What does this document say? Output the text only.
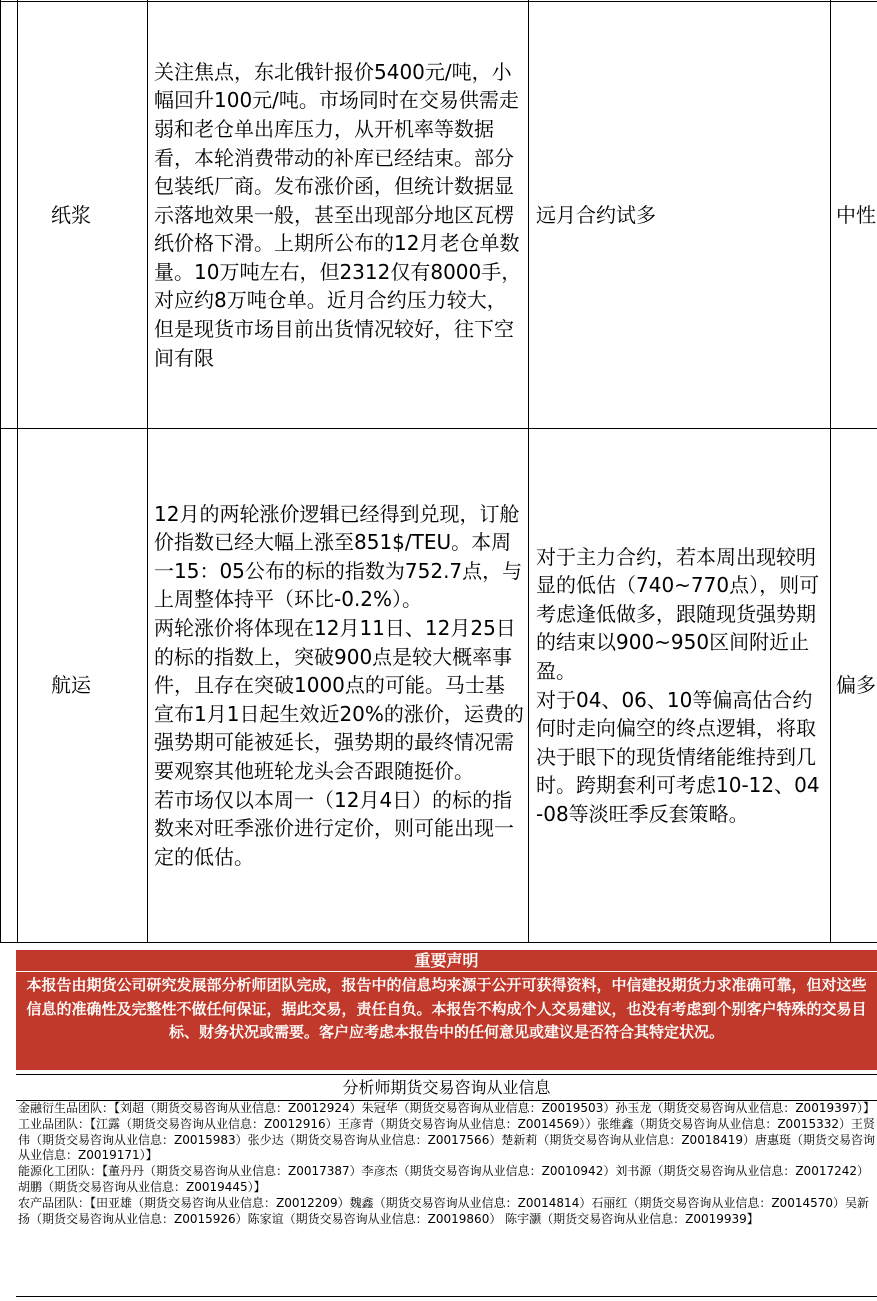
	纸浆	关注焦点，东北俄针报价5400元/吨，小幅回升100元/吨。市场同时在交易供需走弱和老仓单出库压力，从开机率等数据看，本轮消费带动的补库已经结束。部分包装纸厂商。发布涨价函，但统计数据显示落地效果一般，甚至出现部分地区瓦楞纸价格下滑。上期所公布的12月老仓单数量。10万吨左右，但2312仅有8000手，对应约8万吨仓单。近月合约压力较大，但是现货市场目前出货情况较好，往下空间有限	远月合约试多	中性
	航运	12月的两轮涨价逻辑已经得到兑现，订舱价指数已经大幅上涨至851$/TEU。本周一15：05公布的标的指数为752.7点，与上周整体持平（环比-0.2%）。
两轮涨价将体现在12月11日、12月25日的标的指数上，突破900点是较大概率事件，且存在突破1000点的可能。马士基宣布1月1日起生效近20%的涨价，运费的强势期可能被延长，强势期的最终情况需要观察其他班轮龙头会否跟随挺价。
若市场仅以本周一（12月4日）的标的指数来对旺季涨价进行定价，则可能出现一定的低估。	对于主力合约，若本周出现较明显的低估（740~770点），则可考虑逢低做多，跟随现货强势期的结束以900~950区间附近止盈。
对于04、06、10等偏高估合约何时走向偏空的终点逻辑，将取决于眼下的现货情绪能维持到几时。跨期套利可考虑10-12、04-08等淡旺季反套策略。	偏多
重要声明
本报告由期货公司研究发展部分析师团队完成，报告中的信息均来源于公开可获得资料，中信建投期货力求准确可靠，但对这些信息的准确性及完整性不做任何保证，据此交易，责任自负。本报告不构成个人交易建议，也没有考虑到个别客户特殊的交易目标、财务状况或需要。客户应考虑本报告中的任何意见或建议是否符合其特定状况。
分析师期货交易咨询从业信息
金融衍生品团队：【刘超（期货交易咨询从业信息：Z0012924）朱冠华（期货交易咨询从业信息：Z0019503）孙玉龙（期货交易咨询从业信息：Z0019397）】
工业品团队：【江露（期货交易咨询从业信息：Z0012916）王彦青（期货交易咨询从业信息：Z0014569））张维鑫（期货交易咨询从业信息：Z0015332）王贤伟（期货交易咨询从业信息：Z0015983）张少达（期货交易咨询从业信息：Z0017566）楚新莉（期货交易咨询从业信息：Z0018419）唐惠珽（期货交易咨询从业信息：Z0019171）】
能源化工团队：【董丹丹（期货交易咨询从业信息：Z0017387）李彦杰（期货交易咨询从业信息：Z0010942）刘书源（期货交易咨询从业信息：Z0017242）胡鹏（期货交易咨询从业信息：Z0019445）】
农产品团队：【田亚雄（期货交易咨询从业信息：Z0012209）魏鑫（期货交易咨询从业信息：Z0014814）石丽红（期货交易咨询从业信息：Z0014570）吴新扬（期货交易咨询从业信息：Z0015926）陈家谊（期货交易咨询从业信息：Z0019860） 陈宇灏（期货交易咨询从业信息：Z0019939】
